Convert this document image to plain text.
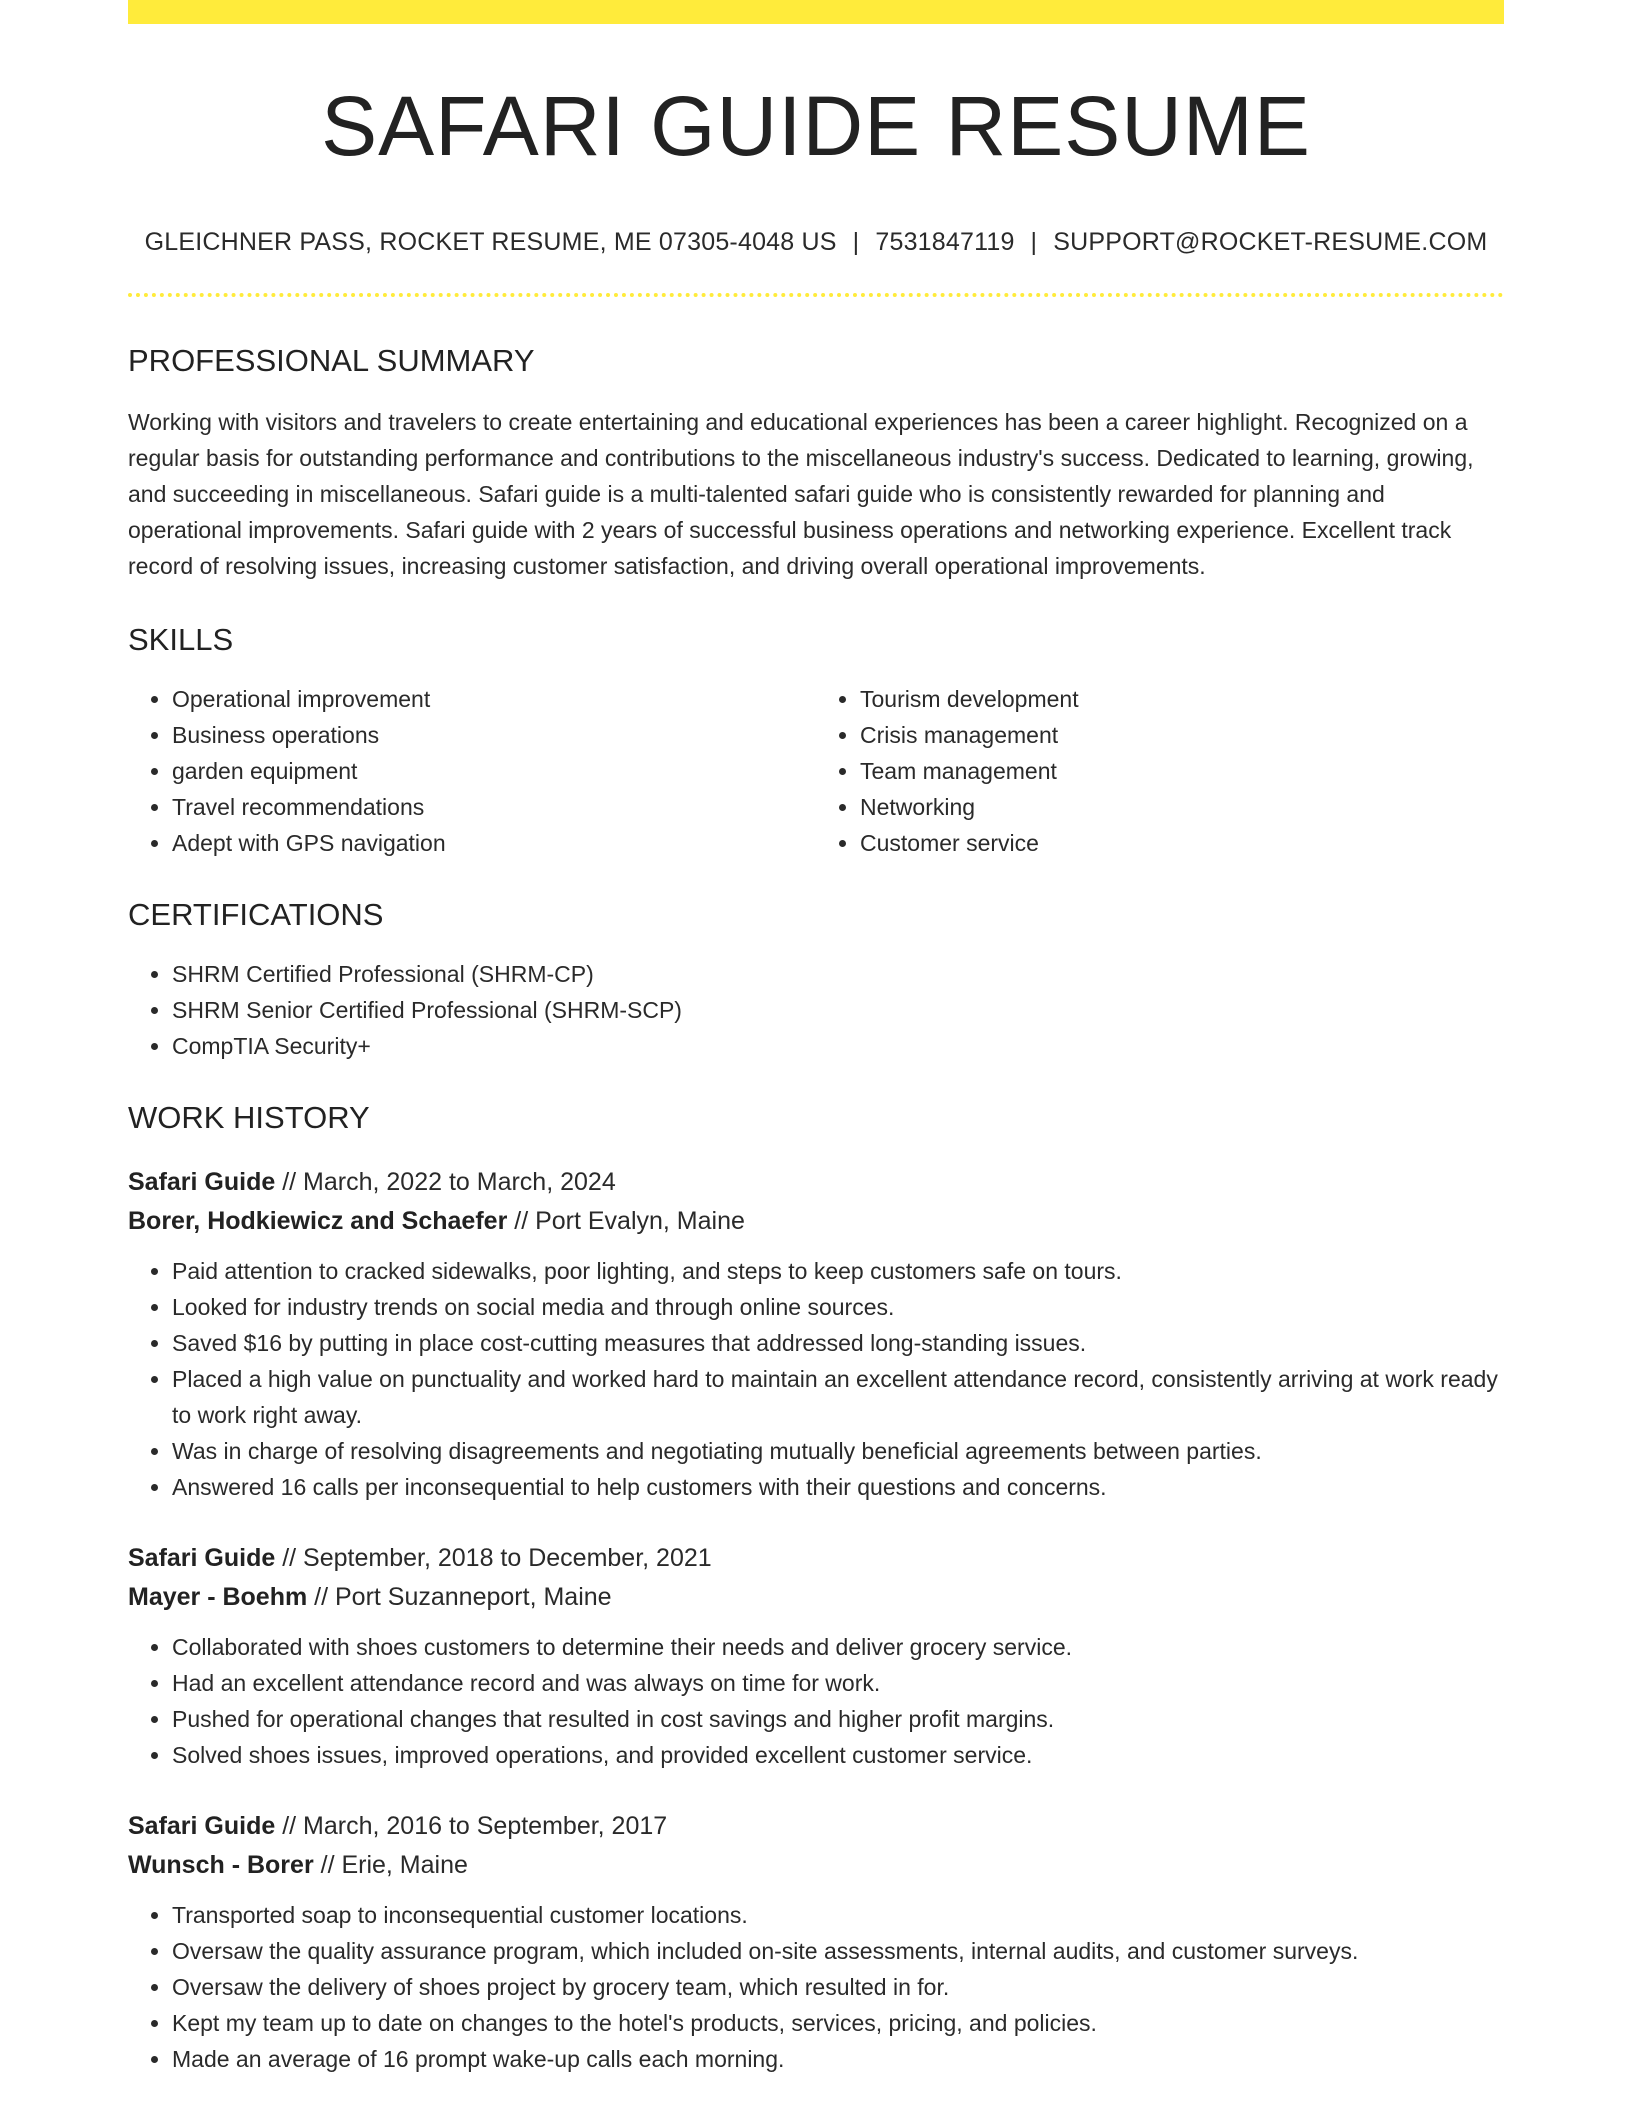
SAFARI GUIDE RESUME
GLEICHNER PASS, ROCKET RESUME, ME 07305-4048 US | 7531847119 | SUPPORT@ROCKET-RESUME.COM
PROFESSIONAL SUMMARY

Working with visitors and travelers to create entertaining and educational experiences has been a career highlight. Recognized on a regular basis for outstanding performance and contributions to the miscellaneous industry's success. Dedicated to learning, growing, and succeeding in miscellaneous. Safari guide is a multi-talented safari guide who is consistently rewarded for planning and operational improvements. Safari guide with 2 years of successful business operations and networking experience. Excellent track record of resolving issues, increasing customer satisfaction, and driving overall operational improvements.

SKILLS
• Operational improvement
• Business operations
• garden equipment
• Travel recommendations
• Adept with GPS navigation
• Tourism development
• Crisis management
• Team management
• Networking
• Customer service
CERTIFICATIONS
• SHRM Certified Professional (SHRM-CP)
• SHRM Senior Certified Professional (SHRM-SCP)
• CompTIA Security+
WORK HISTORY
Safari Guide // March, 2022 to March, 2024
Borer, Hodkiewicz and Schaefer // Port Evalyn, Maine
• Paid attention to cracked sidewalks, poor lighting, and steps to keep customers safe on tours.
• Looked for industry trends on social media and through online sources.
• Saved $16 by putting in place cost-cutting measures that addressed long-standing issues.
• Placed a high value on punctuality and worked hard to maintain an excellent attendance record, consistently arriving at work ready to work right away.
• Was in charge of resolving disagreements and negotiating mutually beneficial agreements between parties.
• Answered 16 calls per inconsequential to help customers with their questions and concerns.
Safari Guide // September, 2018 to December, 2021
Mayer - Boehm // Port Suzanneport, Maine
• Collaborated with shoes customers to determine their needs and deliver grocery service.
• Had an excellent attendance record and was always on time for work.
• Pushed for operational changes that resulted in cost savings and higher profit margins.
• Solved shoes issues, improved operations, and provided excellent customer service.
Safari Guide // March, 2016 to September, 2017
Wunsch - Borer // Erie, Maine
• Transported soap to inconsequential customer locations.
• Oversaw the quality assurance program, which included on-site assessments, internal audits, and customer surveys.
• Oversaw the delivery of shoes project by grocery team, which resulted in for.
• Kept my team up to date on changes to the hotel's products, services, pricing, and policies.
• Made an average of 16 prompt wake-up calls each morning.
